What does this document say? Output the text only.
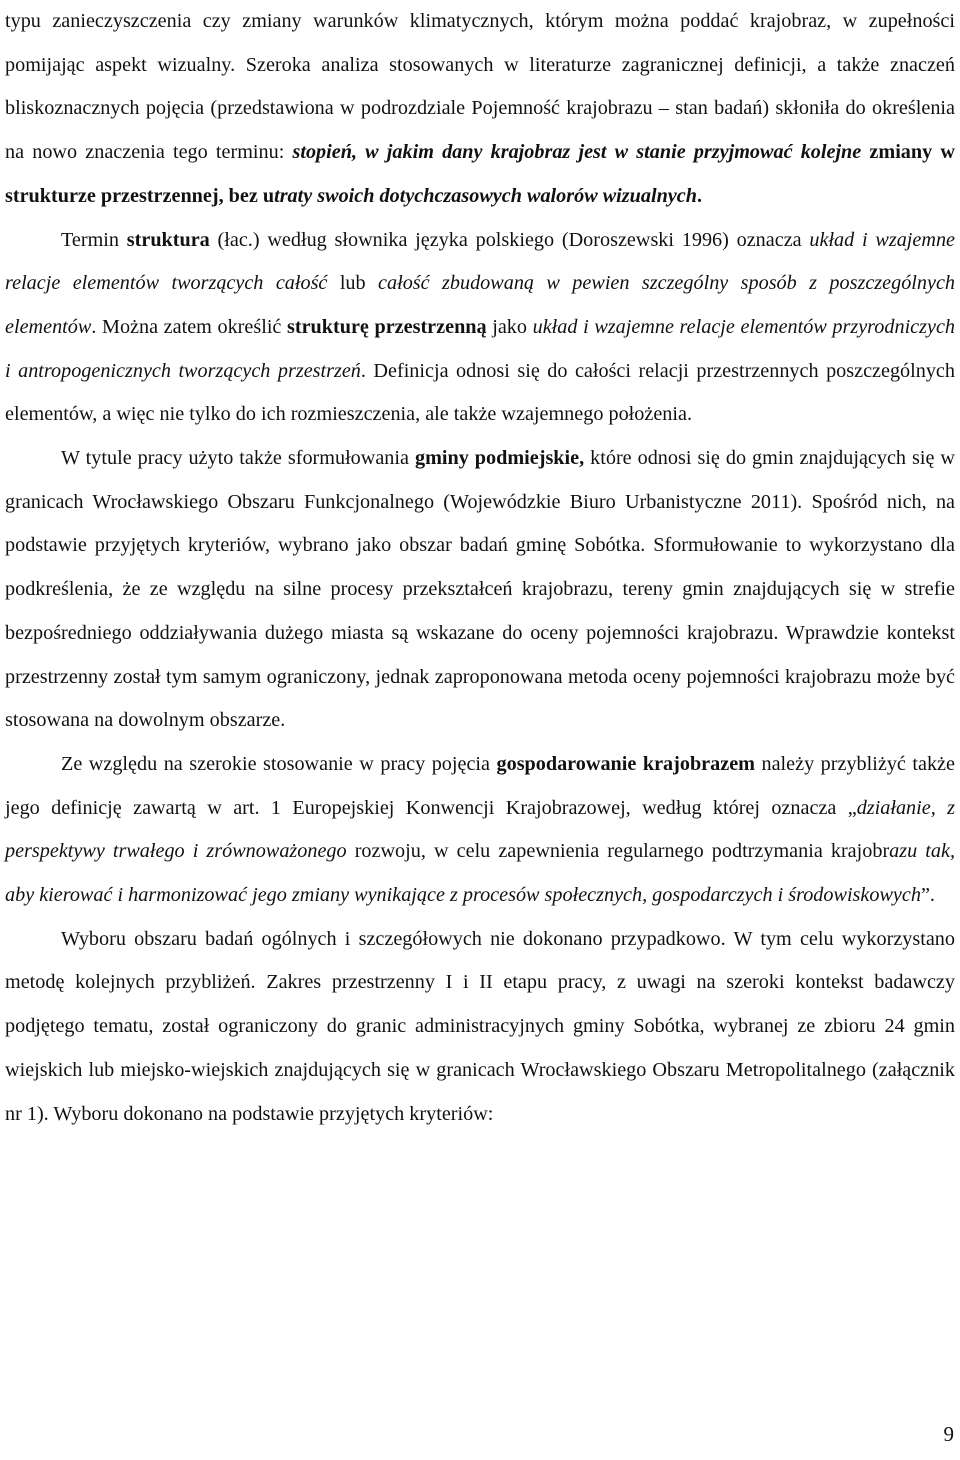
typu zanieczyszczenia czy zmiany warunków klimatycznych, którym można poddać krajobraz, w zupełności pomijając aspekt wizualny. Szeroka analiza stosowanych w literaturze zagranicznej definicji, a także znaczeń bliskoznacznych pojęcia (przedstawiona w podrozdziale Pojemność krajobrazu – stan badań) skłoniła do określenia na nowo znaczenia tego terminu: stopień, w jakim dany krajobraz jest w stanie przyjmować kolejne zmiany w strukturze przestrzennej, bez utraty swoich dotychczasowych walorów wizualnych.

Termin struktura (łac.) według słownika języka polskiego (Doroszewski 1996) oznacza układ i wzajemne relacje elementów tworzących całość lub całość zbudowaną w pewien szczególny sposób z poszczególnych elementów. Można zatem określić strukturę przestrzenną jako układ i wzajemne relacje elementów przyrodniczych i antropogenicznych tworzących przestrzeń. Definicja odnosi się do całości relacji przestrzennych poszczególnych elementów, a więc nie tylko do ich rozmieszczenia, ale także wzajemnego położenia.

W tytule pracy użyto także sformułowania gminy podmiejskie, które odnosi się do gmin znajdujących się w granicach Wrocławskiego Obszaru Funkcjonalnego (Wojewódzkie Biuro Urbanistyczne 2011). Spośród nich, na podstawie przyjętych kryteriów, wybrano jako obszar badań gminę Sobótka. Sformułowanie to wykorzystano dla podkreślenia, że ze względu na silne procesy przekształceń krajobrazu, tereny gmin znajdujących się w strefie bezpośredniego oddziaływania dużego miasta są wskazane do oceny pojemności krajobrazu. Wprawdzie kontekst przestrzenny został tym samym ograniczony, jednak zaproponowana metoda oceny pojemności krajobrazu może być stosowana na dowolnym obszarze.

Ze względu na szerokie stosowanie w pracy pojęcia gospodarowanie krajobrazem należy przybliżyć także jego definicję zawartą w art. 1 Europejskiej Konwencji Krajobrazowej, według której oznacza „działanie, z perspektywy trwałego i zrównoważonego rozwoju, w celu zapewnienia regularnego podtrzymania krajobrazu tak, aby kierować i harmonizować jego zmiany wynikające z procesów społecznych, gospodarczych i środowiskowych”.

Wyboru obszaru badań ogólnych i szczegółowych nie dokonano przypadkowo. W tym celu wykorzystano metodę kolejnych przybliżeń. Zakres przestrzenny I i II etapu pracy, z uwagi na szeroki kontekst badawczy podjętego tematu, został ograniczony do granic administracyjnych gminy Sobótka, wybranej ze zbioru 24 gmin wiejskich lub miejsko-wiejskich znajdujących się w granicach Wrocławskiego Obszaru Metropolitalnego (załącznik nr 1). Wyboru dokonano na podstawie przyjętych kryteriów:

9
